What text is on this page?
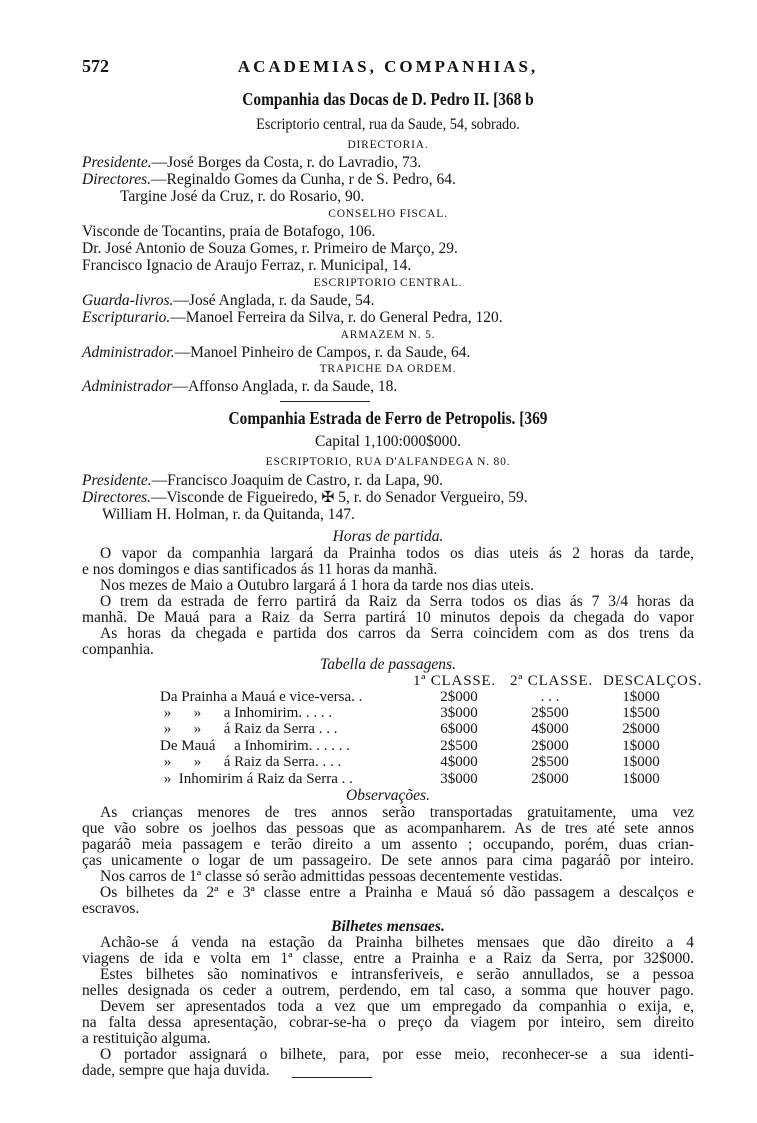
572	ACADEMIAS, COMPANHIAS,
Companhia das Docas de D. Pedro II. [368 b
Escriptorio central, rua da Saude, 54, sobrado.
DIRECTORIA.
Presidente.—José Borges da Costa, r. do Lavradio, 73.
Directores.—Reginaldo Gomes da Cunha, r de S. Pedro, 64.
Targine José da Cruz, r. do Rosario, 90.
CONSELHO FISCAL.
Visconde de Tocantins, praia de Botafogo, 106.
Dr. José Antonio de Souza Gomes, r. Primeiro de Março, 29.
Francisco Ignacio de Araujo Ferraz, r. Municipal, 14.
ESCRIPTORIO CENTRAL.
Guarda-livros.—José Anglada, r. da Saude, 54.
Escripturario.—Manoel Ferreira da Silva, r. do General Pedra, 120.
ARMAZEM N. 5.
Administrador.—Manoel Pinheiro de Campos, r. da Saude, 64.
TRAPICHE DA ORDEM.
Administrador—Affonso Anglada, r. da Saude, 18.
Companhia Estrada de Ferro de Petropolis. [369
Capital 1,100:000$000.
ESCRIPTORIO, RUA D'ALFANDEGA N. 80.
Presidente.—Francisco Joaquim de Castro, r. da Lapa, 90.
Directores.—Visconde de Figueiredo, ✠ 5, r. do Senador Vergueiro, 59.
William H. Holman, r. da Quitanda, 147.
Horas de partida.
O vapor da companhia largará da Prainha todos os dias uteis ás 2 horas da tarde,
e nos domingos e dias santificados ás 11 horas da manhã.
Nos mezes de Maio a Outubro largará á 1 hora da tarde nos dias uteis.
O trem da estrada de ferro partirá da Raiz da Serra todos os dias ás 7 3/4 horas da
manhã. De Mauá para a Raiz da Serra partirá 10 minutos depois da chegada do vapor
As horas da chegada e partida dos carros da Serra coincidem com as dos trens da
companhia.
Tabella de passagens.
1ª CLASSE. 2ª CLASSE. DESCALÇOS.
Da Prainha a Mauá e vice-versa. .	2$000	. . .	1$000
»      »      a Inhomirim. . . . .	3$000	2$500	1$500
»      »      á Raiz da Serra . . .	6$000	4$000	2$000
De Mauá     a Inhomirim. . . . . .	2$500	2$000	1$000
»      »      á Raiz da Serra. . . .	4$000	2$500	1$000
»  Inhomirim á Raiz da Serra . .	3$000	2$000	1$000
Observações.
As crianças menores de tres annos serão transportadas gratuitamente, uma vez
que vão sobre os joelhos das pessoas que as acompanharem. As de tres até sete annos
pagaráõ meia passagem e terão direito a um assento ; occupando, porém, duas crian-
ças unicamente o logar de um passageiro. De sete annos para cima pagaráõ por inteiro.
Nos carros de 1ª classe só serão admittidas pessoas decentemente vestidas.
Os bilhetes da 2ª e 3ª classe entre a Prainha e Mauá só dão passagem a descalços e
escravos.
Bilhetes mensaes.
Achão-se á venda na estação da Prainha bilhetes mensaes que dão direito a 4
viagens de ida e volta em 1ª classe, entre a Prainha e a Raiz da Serra, por 32$000.
Estes bilhetes são nominativos e intransferiveis, e serão annullados, se a pessoa
nelles designada os ceder a outrem, perdendo, em tal caso, a somma que houver pago.
Devem ser apresentados toda a vez que um empregado da companhia o exija, e,
na falta dessa apresentação, cobrar-se-ha o preço da viagem por inteiro, sem direito
a restituição alguma.
O portador assignará o bilhete, para, por esse meio, reconhecer-se a sua identi-
dade, sempre que haja duvida.
